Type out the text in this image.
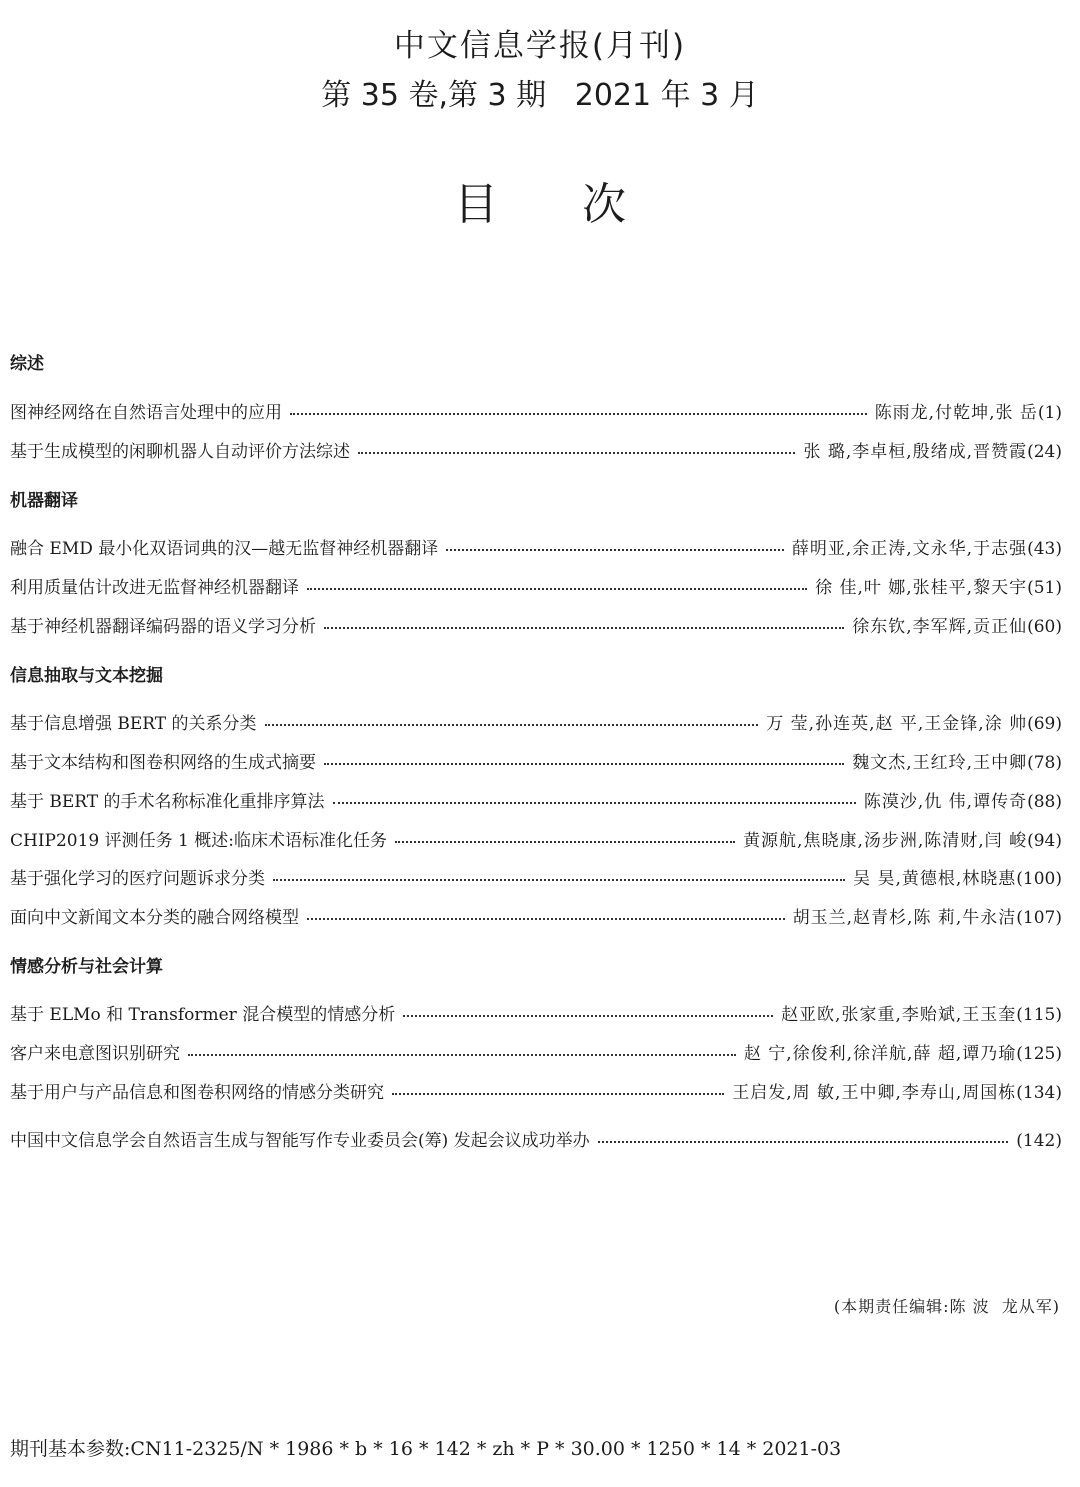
中文信息学报(月刊)
第 35 卷,第 3 期   2021 年 3 月
目次
综述
图神经网络在自然语言处理中的应用	陈雨龙,付乾坤,张 岳 (1)
基于生成模型的闲聊机器人自动评价方法综述	张 璐,李卓桓,殷绪成,晋赞霞 (24)
机器翻译
融合 EMD 最小化双语词典的汉—越无监督神经机器翻译	薛明亚,余正涛,文永华,于志强 (43)
利用质量估计改进无监督神经机器翻译	徐 佳,叶 娜,张桂平,黎天宇 (51)
基于神经机器翻译编码器的语义学习分析	徐东钦,李军辉,贡正仙 (60)
信息抽取与文本挖掘
基于信息增强 BERT 的关系分类	万 莹,孙连英,赵 平,王金锋,涂 帅 (69)
基于文本结构和图卷积网络的生成式摘要	魏文杰,王红玲,王中卿 (78)
基于 BERT 的手术名称标准化重排序算法	陈漠沙,仇 伟,谭传奇 (88)
CHIP2019 评测任务 1 概述:临床术语标准化任务	黄源航,焦晓康,汤步洲,陈清财,闫 峻 (94)
基于强化学习的医疗问题诉求分类	吴 昊,黄德根,林晓惠 (100)
面向中文新闻文本分类的融合网络模型	胡玉兰,赵青杉,陈 莉,牛永洁 (107)
情感分析与社会计算
基于 ELMo 和 Transformer 混合模型的情感分析	赵亚欧,张家重,李贻斌,王玉奎 (115)
客户来电意图识别研究	赵 宁,徐俊利,徐洋航,薛 超,谭乃瑜 (125)
基于用户与产品信息和图卷积网络的情感分类研究	王启发,周 敏,王中卿,李寿山,周国栋 (134)
中国中文信息学会自然语言生成与智能写作专业委员会(筹) 发起会议成功举办	(142)
(本期责任编辑:陈 波  龙从军)
期刊基本参数:CN11-2325/N * 1986 * b * 16 * 142 * zh * P * 30.00 * 1250 * 14 * 2021-03
